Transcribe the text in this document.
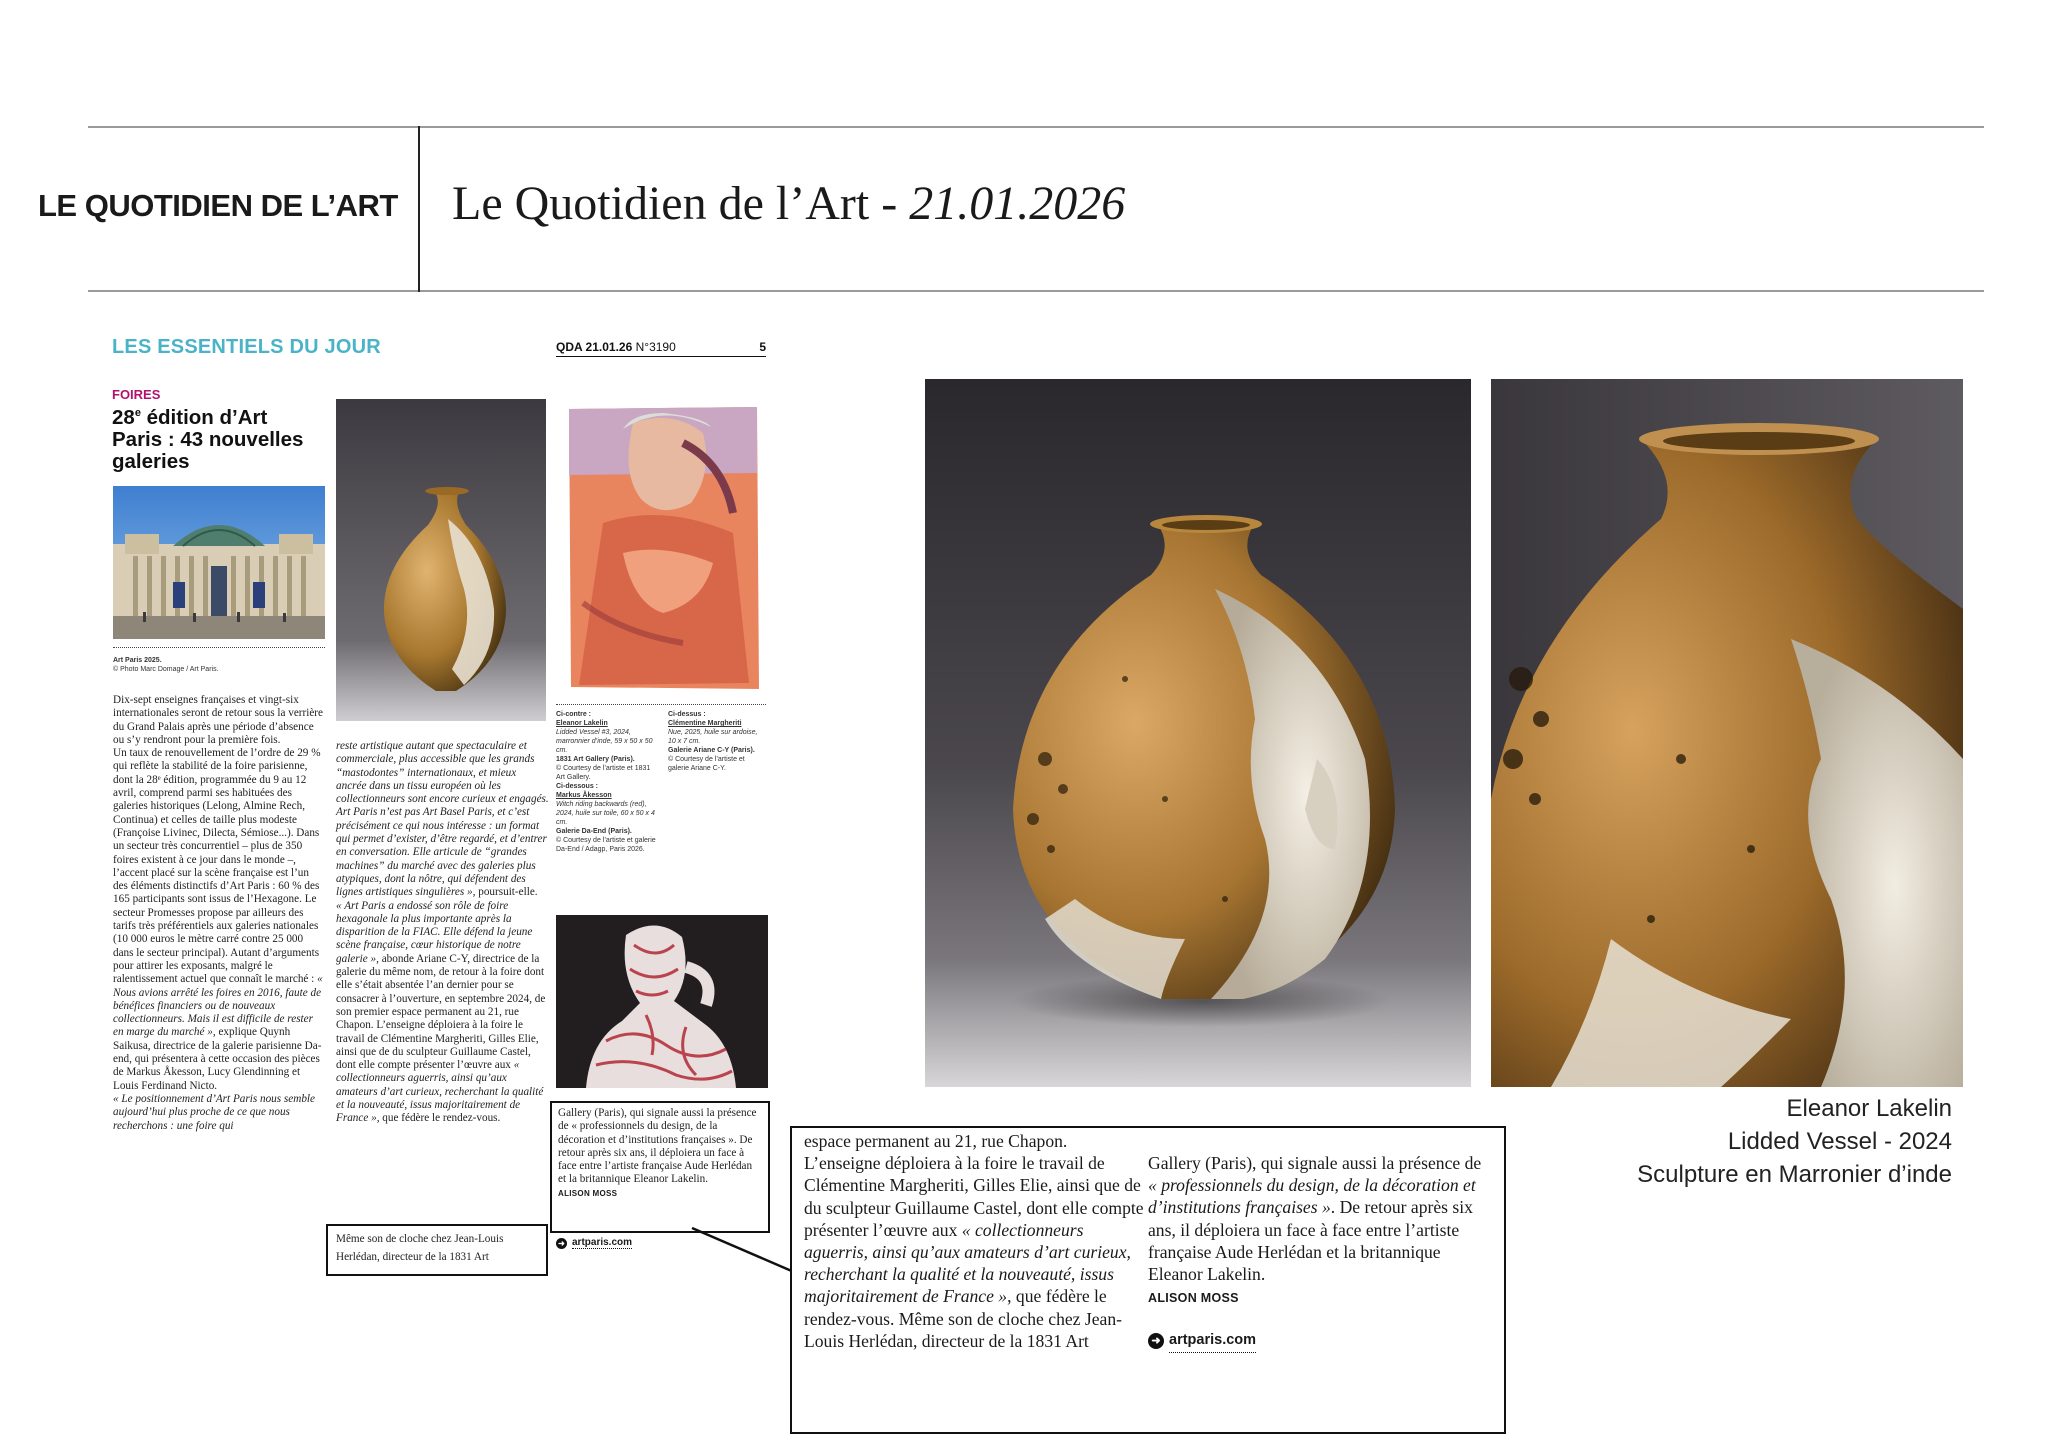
LE QUOTIDIEN DE L’ART Le Quotidien de l’Art - 21.01.2026
LES ESSENTIELS DU JOUR	QDA 21.01.26 N°3190	5
FOIRES
28e édition d’Art Paris : 43 nouvelles galeries
Art Paris 2025.
© Photo Marc Domage / Art Paris.
Dix-sept enseignes françaises et vingt-six internationales seront de retour sous la verrière du Grand Palais après une période d’absence ou s’y rendront pour la première fois.
Un taux de renouvellement de l’ordre de 29 % qui reflète la stabilité de la foire parisienne, dont la 28ᵉ édition, programmée du 9 au 12 avril, comprend parmi ses habituées des galeries historiques (Lelong, Almine Rech, Continua) et celles de taille plus modeste (Françoise Livinec, Dilecta, Sémiose...). Dans un secteur très concurrentiel – plus de 350 foires existent à ce jour dans le monde –, l’accent placé sur la scène française est l’un des éléments distinctifs d’Art Paris : 60 % des 165 participants sont issus de l’Hexagone. Le secteur Promesses propose par ailleurs des tarifs très préférentiels aux galeries nationales (10 000 euros le mètre carré contre 25 000 dans le secteur principal). Autant d’arguments pour attirer les exposants, malgré le ralentissement actuel que connaît le marché : « Nous avions arrêté les foires en 2016, faute de bénéfices financiers ou de nouveaux collectionneurs. Mais il est difficile de rester en marge du marché », explique Quynh Saikusa, directrice de la galerie parisienne Da-end, qui présentera à cette occasion des pièces de Markus Åkesson, Lucy Glendinning et Louis Ferdinand Nicto.
« Le positionnement d’Art Paris nous semble aujourd’hui plus proche de ce que nous recherchons : une foire qui
reste artistique autant que spectaculaire et commerciale, plus accessible que les grands “mastodontes” internationaux, et mieux ancrée dans un tissu européen où les collectionneurs sont encore curieux et engagés. Art Paris n’est pas Art Basel Paris, et c’est précisément ce qui nous intéresse : un format qui permet d’exister, d’être regardé, et d’entrer en conversation. Elle articule de “grandes machines” du marché avec des galeries plus atypiques, dont la nôtre, qui défendent des lignes artistiques singulières », poursuit-elle.
« Art Paris a endossé son rôle de foire hexagonale la plus importante après la disparition de la FIAC. Elle défend la jeune scène française, cœur historique de notre galerie », abonde Ariane C-Y, directrice de la galerie du même nom, de retour à la foire dont elle s’était absentée l’an dernier pour se consacrer à l’ouverture, en septembre 2024, de son premier espace permanent au 21, rue Chapon. L’enseigne déploiera à la foire le travail de Clémentine Margheriti, Gilles Elie, ainsi que de du sculpteur Guillaume Castel, dont elle compte présenter l’œuvre aux « collectionneurs aguerris, ainsi qu’aux amateurs d’art curieux, recherchant la qualité et la nouveauté, issus majoritairement de France », que fédère le rendez-vous.
Même son de cloche chez Jean-Louis Herlédan, directeur de la 1831 Art
Ci-contre :
Eleanor Lakelin
Lidded Vessel #3, 2024, marronnier d’inde, 59 x 50 x 50 cm.
1831 Art Gallery (Paris).
© Courtesy de l’artiste et 1831 Art Gallery.
Ci-dessous :
Markus Åkesson
Witch riding backwards (red), 2024, huile sur toile, 60 x 50 x 4 cm.
Galerie Da-End (Paris).
© Courtesy de l’artiste et galerie Da-End / Adagp, Paris 2026.
Ci-dessus :
Clémentine Margheriti
Nue, 2025, huile sur ardoise, 10 x 7 cm.
Galerie Ariane C-Y (Paris).
© Courtesy de l’artiste et galerie Ariane C-Y.
Gallery (Paris), qui signale aussi la présence de « professionnels du design, de la décoration et d’institutions françaises ». De retour après six ans, il déploiera un face à face entre l’artiste française Aude Herlédan et la britannique Eleanor Lakelin.
ALISON MOSS
➜ artparis.com
Eleanor Lakelin
Lidded Vessel - 2024
Sculpture en Marronier d’inde
espace permanent au 21, rue Chapon. L’enseigne déploiera à la foire le travail de Clémentine Margheriti, Gilles Elie, ainsi que de du sculpteur Guillaume Castel, dont elle compte présenter l’œuvre aux « collectionneurs aguerris, ainsi qu’aux amateurs d’art curieux, recherchant la qualité et la nouveauté, issus majoritairement de France », que fédère le rendez-vous. Même son de cloche chez Jean-Louis Herlédan, directeur de la 1831 Art
Gallery (Paris), qui signale aussi la présence de « professionnels du design, de la décoration et d’institutions françaises ». De retour après six ans, il déploiera un face à face entre l’artiste française Aude Herlédan et la britannique Eleanor Lakelin.
ALISON MOSS
➜ artparis.com
